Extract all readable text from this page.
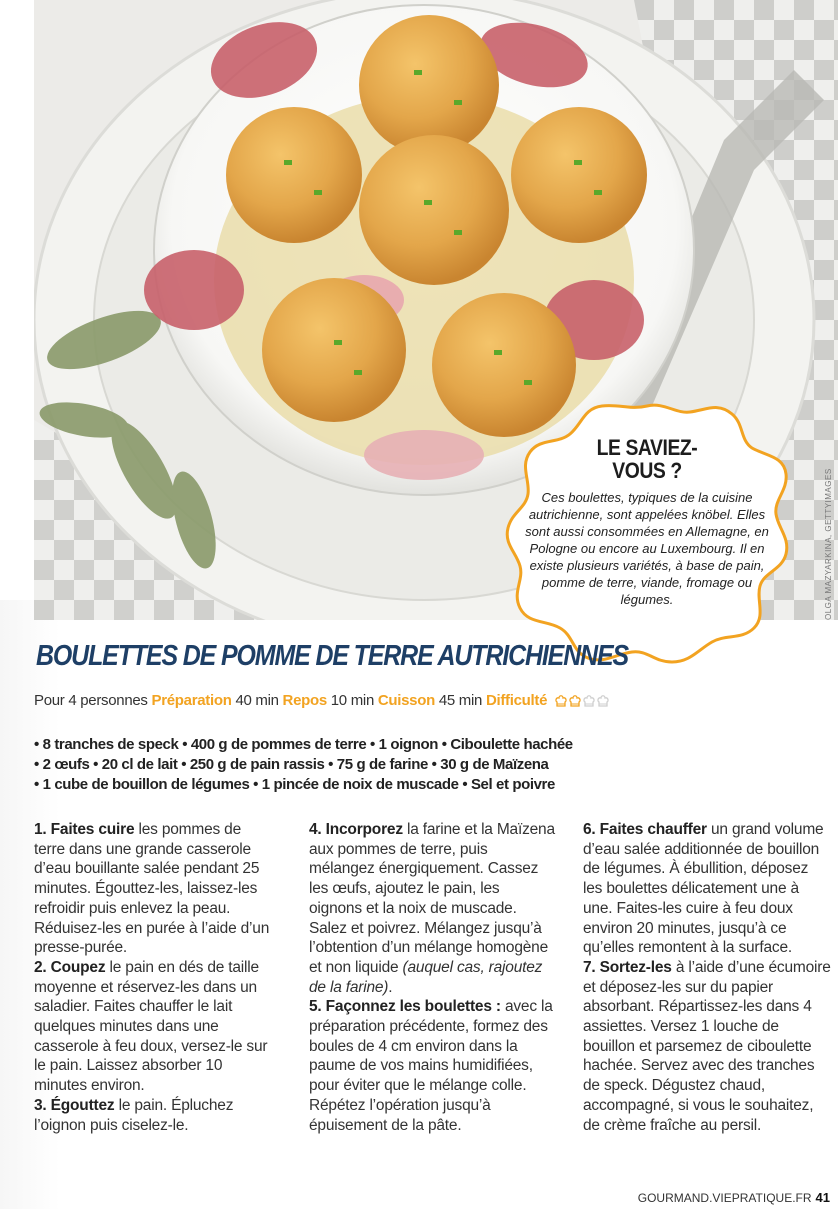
OLGA MAZYARKINA, GETTYIMAGES
LE SAVIEZ-
VOUS ?

Ces boulettes, typiques de la cuisine autrichienne, sont appelées knöbel. Elles sont aussi consommées en Allemagne, en Pologne ou encore au Luxembourg. Il en existe plusieurs variétés, à base de pain, pomme de terre, viande, fromage ou légumes.

BOULETTES DE POMME DE TERRE AUTRICHIENNES
Pour 4 personnes Préparation 40 min Repos 10 min Cuisson 45 min Difficulté
• 8 tranches de speck • 400 g de pommes de terre • 1 oignon • Ciboulette hachée
• 2 œufs • 20 cl de lait • 250 g de pain rassis • 75 g de farine • 30 g de Maïzena
• 1 cube de bouillon de légumes • 1 pincée de noix de muscade • Sel et poivre

1. Faites cuire les pommes de terre dans une grande casserole d’eau bouillante salée pendant 25 minutes. Égouttez-les, laissez-les refroidir puis enlevez la peau. Réduisez-les en purée à l’aide d’un presse-purée.

2. Coupez le pain en dés de taille moyenne et réservez-les dans un saladier. Faites chauffer le lait quelques minutes dans une casserole à feu doux, versez-le sur le pain. Laissez absorber 10 minutes environ.

3. Égouttez le pain. Épluchez l’oignon puis ciselez-le.

4. Incorporez la farine et la Maïzena aux pommes de terre, puis mélangez énergiquement. Cassez les œufs, ajoutez le pain, les oignons et la noix de muscade. Salez et poivrez. Mélangez jusqu’à l’obtention d’un mélange homogène et non liquide (auquel cas, rajoutez de la farine).

5. Façonnez les boulettes : avec la préparation précédente, formez des boules de 4 cm environ dans la paume de vos mains humidifiées, pour éviter que le mélange colle. Répétez l’opération jusqu’à épuisement de la pâte.

6. Faites chauffer un grand volume d’eau salée additionnée de bouillon de légumes. À ébullition, déposez les boulettes délicatement une à une. Faites-les cuire à feu doux environ 20 minutes, jusqu’à ce qu’elles remontent à la surface.

7. Sortez-les à l’aide d’une écumoire et déposez-les sur du papier absorbant. Répartissez-les dans 4 assiettes. Versez 1 louche de bouillon et parsemez de ciboulette hachée. Servez avec des tranches de speck. Dégustez chaud, accompagné, si vous le souhaitez, de crème fraîche au persil.

GOURMAND.VIEPRATIQUE.FR 41
